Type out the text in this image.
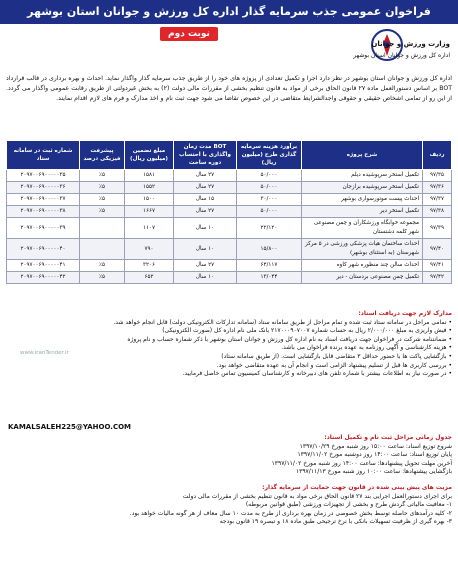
فراخوان عمومی جذب سرمایه گذار اداره کل ورزش و جوانان استان بوشهر
نوبت دوم
وزارت ورزش و جوانان
اداره کل ورزش و جوانان استان بوشهر
اداره کل ورزش و جوانان استان بوشهر در نظر دارد اجرا و تکمیل تعدادی از پروژه های خود را از طریق جذب سرمایه گذار واگذار نماید. احداث و بهره برداری در قالب قرارداد BOT بر اساس دستورالعمل ماده ۲۷ قانون الحاق برخی از مواد به قانون تنظیم بخشی از مقررات مالی دولت (۲) به بخش غیردولتی از طریق رقابت عمومی واگذار می گردد. از این رو از تمامی اشخاص حقیقی و حقوقی واجدالشرایط متقاضی در این خصوص تقاضا می شود جهت ثبت نام و اخذ مدارک و فرم های لازم اقدام نمایند.
ردیف	شرح پروژه	برآورد هزینه سرمایه گذاری طرح (میلیون ریال)	BOT مدت زمان واگذاری با احتساب دوره ساخت	مبلغ تضمین (میلیون ریال)	پیشرفت فیزیکی درصد	شماره ثبت در سامانه ستاد
۹۷/۳۵	تکمیل استخر سرپوشیده دیلم	۵۰/۰۰۰	۲۷ سال	۱۵۸۱	٪۵	۲۰۹۷۰۰۶۹۰۰۰۰۰۳۵
۹۷/۳۶	تکمیل استخر سرپوشیده برازجان	۵۰/۰۰۰	۲۷ سال	۱۵۵۲	٪۵	۲۰۹۷۰۰۶۹۰۰۰۰۰۳۶
۹۷/۳۷	احداث پیست موتورسواری بوشهر	۳۰/۰۰۰	۱۵ سال	۱۵۰۰	٪۵	۲۰۹۷۰۰۶۹۰۰۰۰۰۳۷
۹۷/۳۸	تکمیل استخر دیر	۵۰/۰۰۰	۲۷ سال	۱۶۶۷	٪۵	۲۰۹۷۰۰۶۹۰۰۰۰۰۳۸
۹۷/۳۹	مجموعه خوابگاه ورزشکاران و چمن مصنوعی شهر کلمه دشتستان	۲۲/۱۲۰	۱۰ سال	۱۱۰۷		۲۰۹۷۰۰۶۹۰۰۰۰۰۳۹
۹۷/۴۰	احداث ساختمان هیات پزشکی ورزشی در ۵ مرکز شهرستان (به استثنای بوشهر)	۱۵/۸۰۰	۱۰ سال	۷۹۰		۲۰۹۷۰۰۶۹۰۰۰۰۰۴۰
۹۷/۴۱	احداث سالن چند منظوره شهر کاوه	۶۴/۱۱۷	۲۷ سال	۳۲۰۶	٪۵	۲۰۹۷۰۰۶۹۰۰۰۰۰۴۱
۹۷/۴۲	تکمیل چمن مصنوعی بردستان - دیر	۱۳/۰۴۴	۱۰ سال	۶۵۲	٪۵	۲۰۹۷۰۰۶۹۰۰۰۰۰۴۲

مدارک لازم جهت دریافت اسناد:

• تمامی مراحل در سامانه ستاد ثبت شده و تمام مراحل از طریق سامانه ستاد (سامانه تدارکات الکترونیکی دولت) قابل انجام خواهد شد.

• فیش واریزی به مبلغ ۲/۰۰۰/۰۰۰ ریال به حساب شماره ۲۱۷۰۰۰۹۰۷۰۰۷ بانک ملی نام اداره کل (صورت الکترونیکی)

• ضمانتنامه شرکت در فراخوان جهت دریافت اسناد به نام اداره کل ورزش و جوانان استان بوشهر با ذکر شماره حساب و نام پروژه

• هزینه کارشناسی و آگهی روزنامه به عهده برنده فراخوان می باشد.

• بازگشایی پاکت ها با حضور حداقل ۳ متقاضی قابل بازگشایی است. (از طریق سامانه ستاد)

• بررسی کاربری ها قبل از تسلیم پیشنهاد الزامی است و انجام آن به عهده متقاضی خواهد بود.

• در صورت نیاز به اطلاعات بیشتر با شماره تلفن های دبیرخانه و کارشناسان کمیسیون تماس حاصل فرمایید.

www.iranTender.ir
KAMALSALEH225@YAHOO.COM

جدول زمانی مراحل ثبت نام و تکمیل اسناد:

شروع توزیع اسناد: ساعت ۱۵:۰۰ روز شنبه مورخ ۱۳۹۷/۱۰/۲۹

پایان توزیع اسناد: ساعت ۱۴:۰۰ روز دوشنبه مورخ ۱۳۹۷/۱۱/۰۲

آخرین مهلت تحویل پیشنهادها: ساعت ۱۴:۰۰ روز شنبه مورخ ۱۳۹۷/۱۱/۰۲

بازگشایی پیشنهادها: ساعت ۱۰:۰۰ روز شنبه مورخ ۱۳۹۷/۱۱/۱۳

مزیت های پیش بینی شده در قانون جهت حمایت از سرمایه گذار:

برای اجرای دستورالعمل اجرایی بند ۲۷ قانون الحاق برخی مواد به قانون تنظیم بخشی از مقررات مالی دولت

۱- معافیت مالیاتی گردش طرح و بخشی از تجهیزات ورزشی (طبق قوانین مربوطه)

۲- کلیه درآمدهای حاصله توسط بخش خصوصی در زمان بهره برداری از طرح به مدت ۱۰ سال معاف از هر گونه مالیات خواهد بود.

۳- بهره گیری از ظرفیت تسهیلات بانکی با نرخ ترجیحی طبق ماده ۱۸ و تبصره ۱۹ قانون بودجه
